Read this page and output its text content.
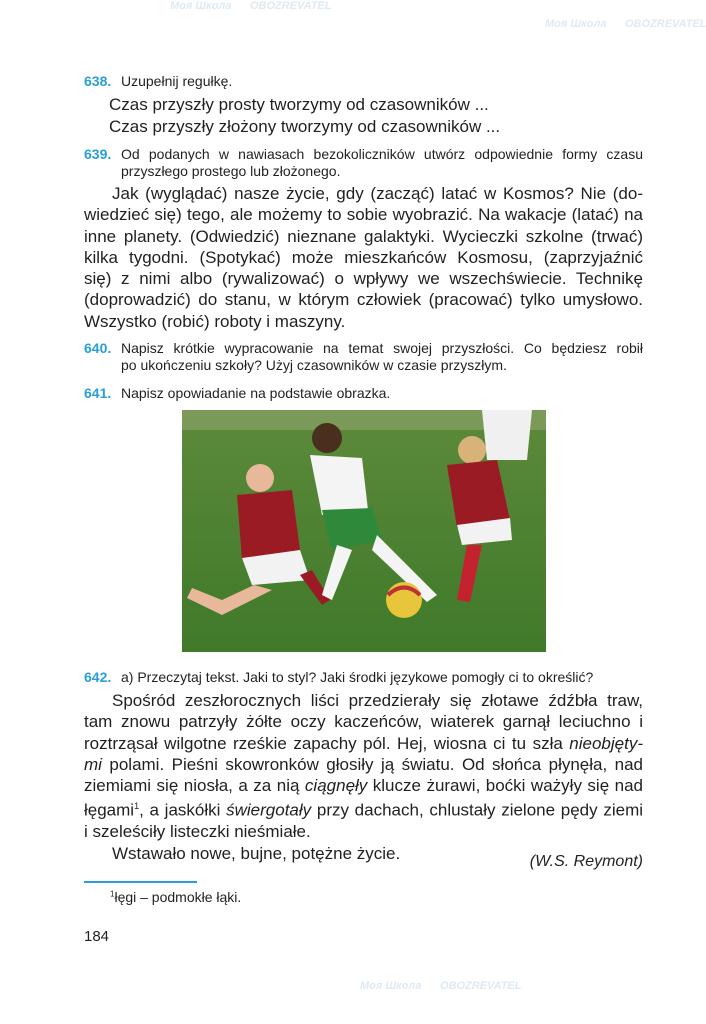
Моя Школа OBOZREVATEL
Моя Школа OBOZREVATEL
Моя Школа OBOZREVATEL
638. Uzupełnij regułkę.
Czas przyszły prosty tworzymy od czasowników ...
Czas przyszły złożony tworzymy od czasowników ...
639. Od podanych w nawiasach bezokoliczników utwórz odpowiednie formy czasu
przyszłego prostego lub złożonego.
Jak (wyglądać) nasze życie, gdy (zacząć) latać w Kosmos? Nie (do-
wiedzieć się) tego, ale możemy to sobie wyobrazić. Na wakacje (latać) na
inne planety. (Odwiedzić) nieznane galaktyki. Wycieczki szkolne (trwać)
kilka tygodni. (Spotykać) może mieszkańców Kosmosu, (zaprzyjaźnić
się) z nimi albo (rywalizować) o wpływy we wszechświecie. Technikę
(doprowadzić) do stanu, w którym człowiek (pracować) tylko umysłowo.
Wszystko (robić) roboty i maszyny.
640. Napisz krótkie wypracowanie na temat swojej przyszłości. Co będziesz robił
po ukończeniu szkoły? Użyj czasowników w czasie przyszłym.
641. Napisz opowiadanie na podstawie obrazka.
642. a) Przeczytaj tekst. Jaki to styl? Jaki środki językowe pomogły ci to określić?
Spośród zeszłorocznych liści przedzierały się złotawe źdźbła traw,
tam znowu patrzyły żółte oczy kaczeńców, wiaterek garnął leciuchno i
roztrząsał wilgotne rześkie zapachy pól. Hej, wiosna ci tu szła nieobjęty-
mi polami. Pieśni skowronków głosiły ją światu. Od słońca płynęła, nad
ziemiami się niosła, a za nią ciągnęły klucze żurawi, boćki ważyły się nad
łęgami$^1$, a jaskółki świergotały przy dachach, chlustały zielone pędy ziemi
i szeleściły listeczki nieśmiałe.
Wstawało nowe, bujne, potężne życie.	(W.S. Reymont)
$^1$łęgi – podmokłe łąki.
184
